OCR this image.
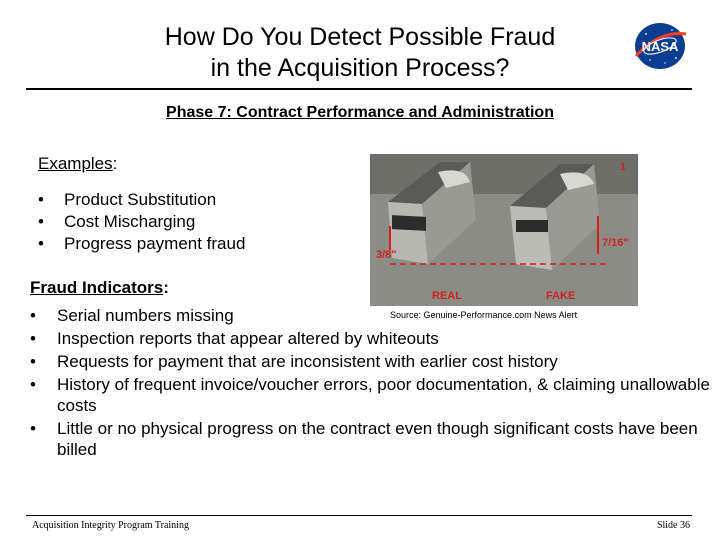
How Do You Detect Possible Fraud
in the Acquisition Process?
NASA
Phase 7: Contract Performance and Administration
Examples:
•	Product Substitution
•	Cost Mischarging
•	Progress payment fraud
1
3/8"
7/16"
REAL	FAKE
Source: Genuine-Performance.com News Alert
Fraud Indicators:
•	Serial numbers missing
•	Inspection reports that appear altered by whiteouts
•	Requests for payment that are inconsistent with earlier cost history
•	History of frequent invoice/voucher errors, poor documentation, & claiming unallowable costs
•	Little or no physical progress on the contract even though significant costs have been billed
Acquisition Integrity Program Training	Slide 36
